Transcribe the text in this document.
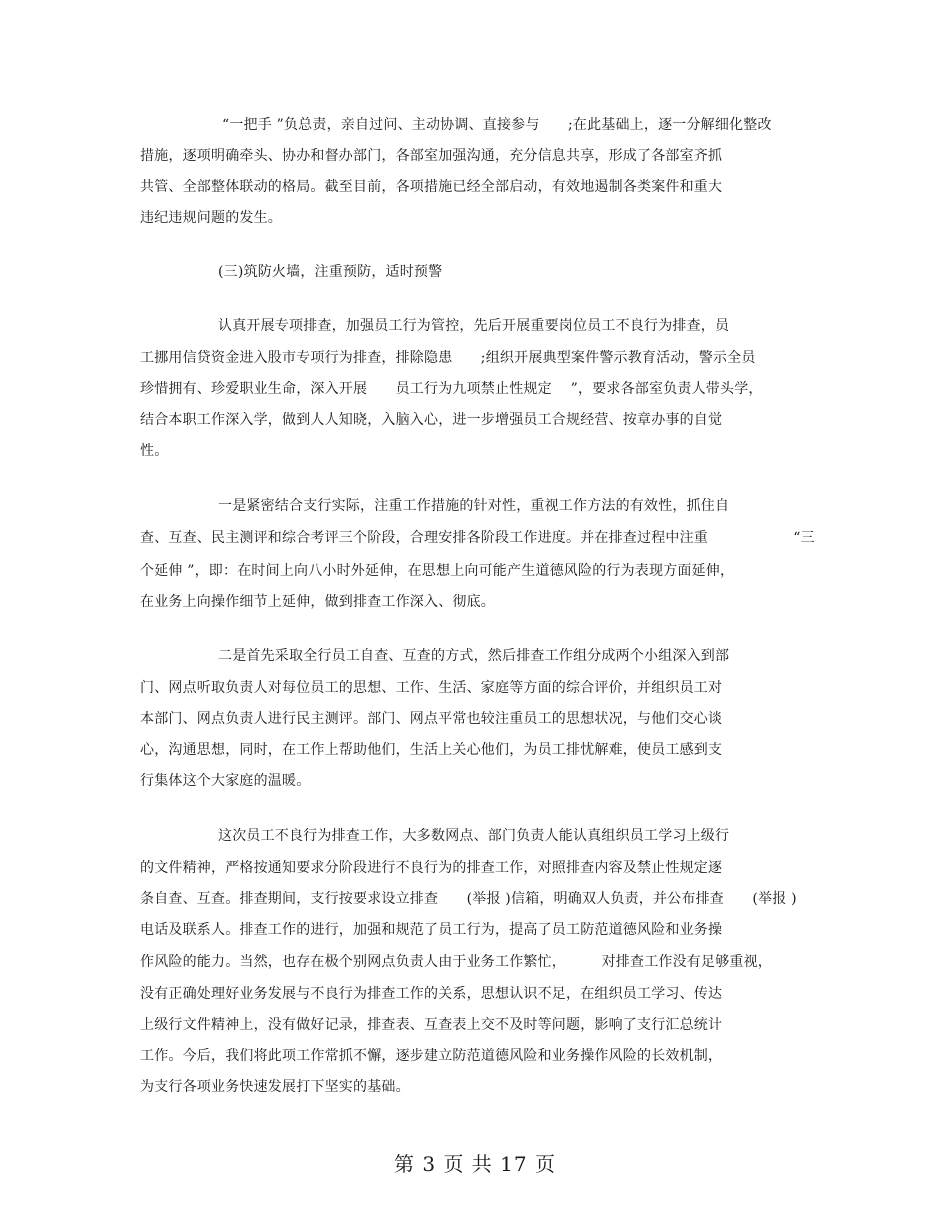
“一把手 ”负总责，亲自过问、主动协调、直接参与　　;在此基础上，逐一分解细化整改
措施，逐项明确牵头、协办和督办部门，各部室加强沟通，充分信息共享，形成了各部室齐抓
共管、全部整体联动的格局。截至目前，各项措施已经全部启动，有效地遏制各类案件和重大
违纪违规问题的发生。
(三)筑防火墙，注重预防，适时预警
认真开展专项排查，加强员工行为管控，先后开展重要岗位员工不良行为排查，员
工挪用信贷资金进入股市专项行为排查，排除隐患　　;组织开展典型案件警示教育活动，警示全员
珍惜拥有、珍爱职业生命，深入开展　　员工行为九项禁止性规定　 ”，要求各部室负责人带头学，
结合本职工作深入学，做到人人知晓，入脑入心，进一步增强员工合规经营、按章办事的自觉
性。
一是紧密结合支行实际，注重工作措施的针对性，重视工作方法的有效性，抓住自
查、互查、民主测评和综合考评三个阶段，合理安排各阶段工作进度。并在排查过程中注重　　　　　　“三
个延伸 ”，即：在时间上向八小时外延伸，在思想上向可能产生道德风险的行为表现方面延伸，
在业务上向操作细节上延伸，做到排查工作深入、彻底。
二是首先采取全行员工自查、互查的方式，然后排查工作组分成两个小组深入到部
门、网点听取负责人对每位员工的思想、工作、生活、家庭等方面的综合评价，并组织员工对
本部门、网点负责人进行民主测评。部门、网点平常也较注重员工的思想状况，与他们交心谈
心，沟通思想，同时，在工作上帮助他们，生活上关心他们，为员工排忧解难，使员工感到支
行集体这个大家庭的温暖。
这次员工不良行为排查工作，大多数网点、部门负责人能认真组织员工学习上级行
的文件精神，严格按通知要求分阶段进行不良行为的排查工作，对照排查内容及禁止性规定逐
条自查、互查。排查期间，支行按要求设立排查　　(举报 )信箱，明确双人负责，并公布排查　　(举报 )
电话及联系人。排查工作的进行，加强和规范了员工行为，提高了员工防范道德风险和业务操
作风险的能力。当然，也存在极个别网点负责人由于业务工作繁忙，　　　对排查工作没有足够重视，
没有正确处理好业务发展与不良行为排查工作的关系，思想认识不足，在组织员工学习、传达
上级行文件精神上，没有做好记录，排查表、互查表上交不及时等问题，影响了支行汇总统计
工作。今后，我们将此项工作常抓不懈，逐步建立防范道德风险和业务操作风险的长效机制，
为支行各项业务快速发展打下坚实的基础。
第 3 页 共 17 页
